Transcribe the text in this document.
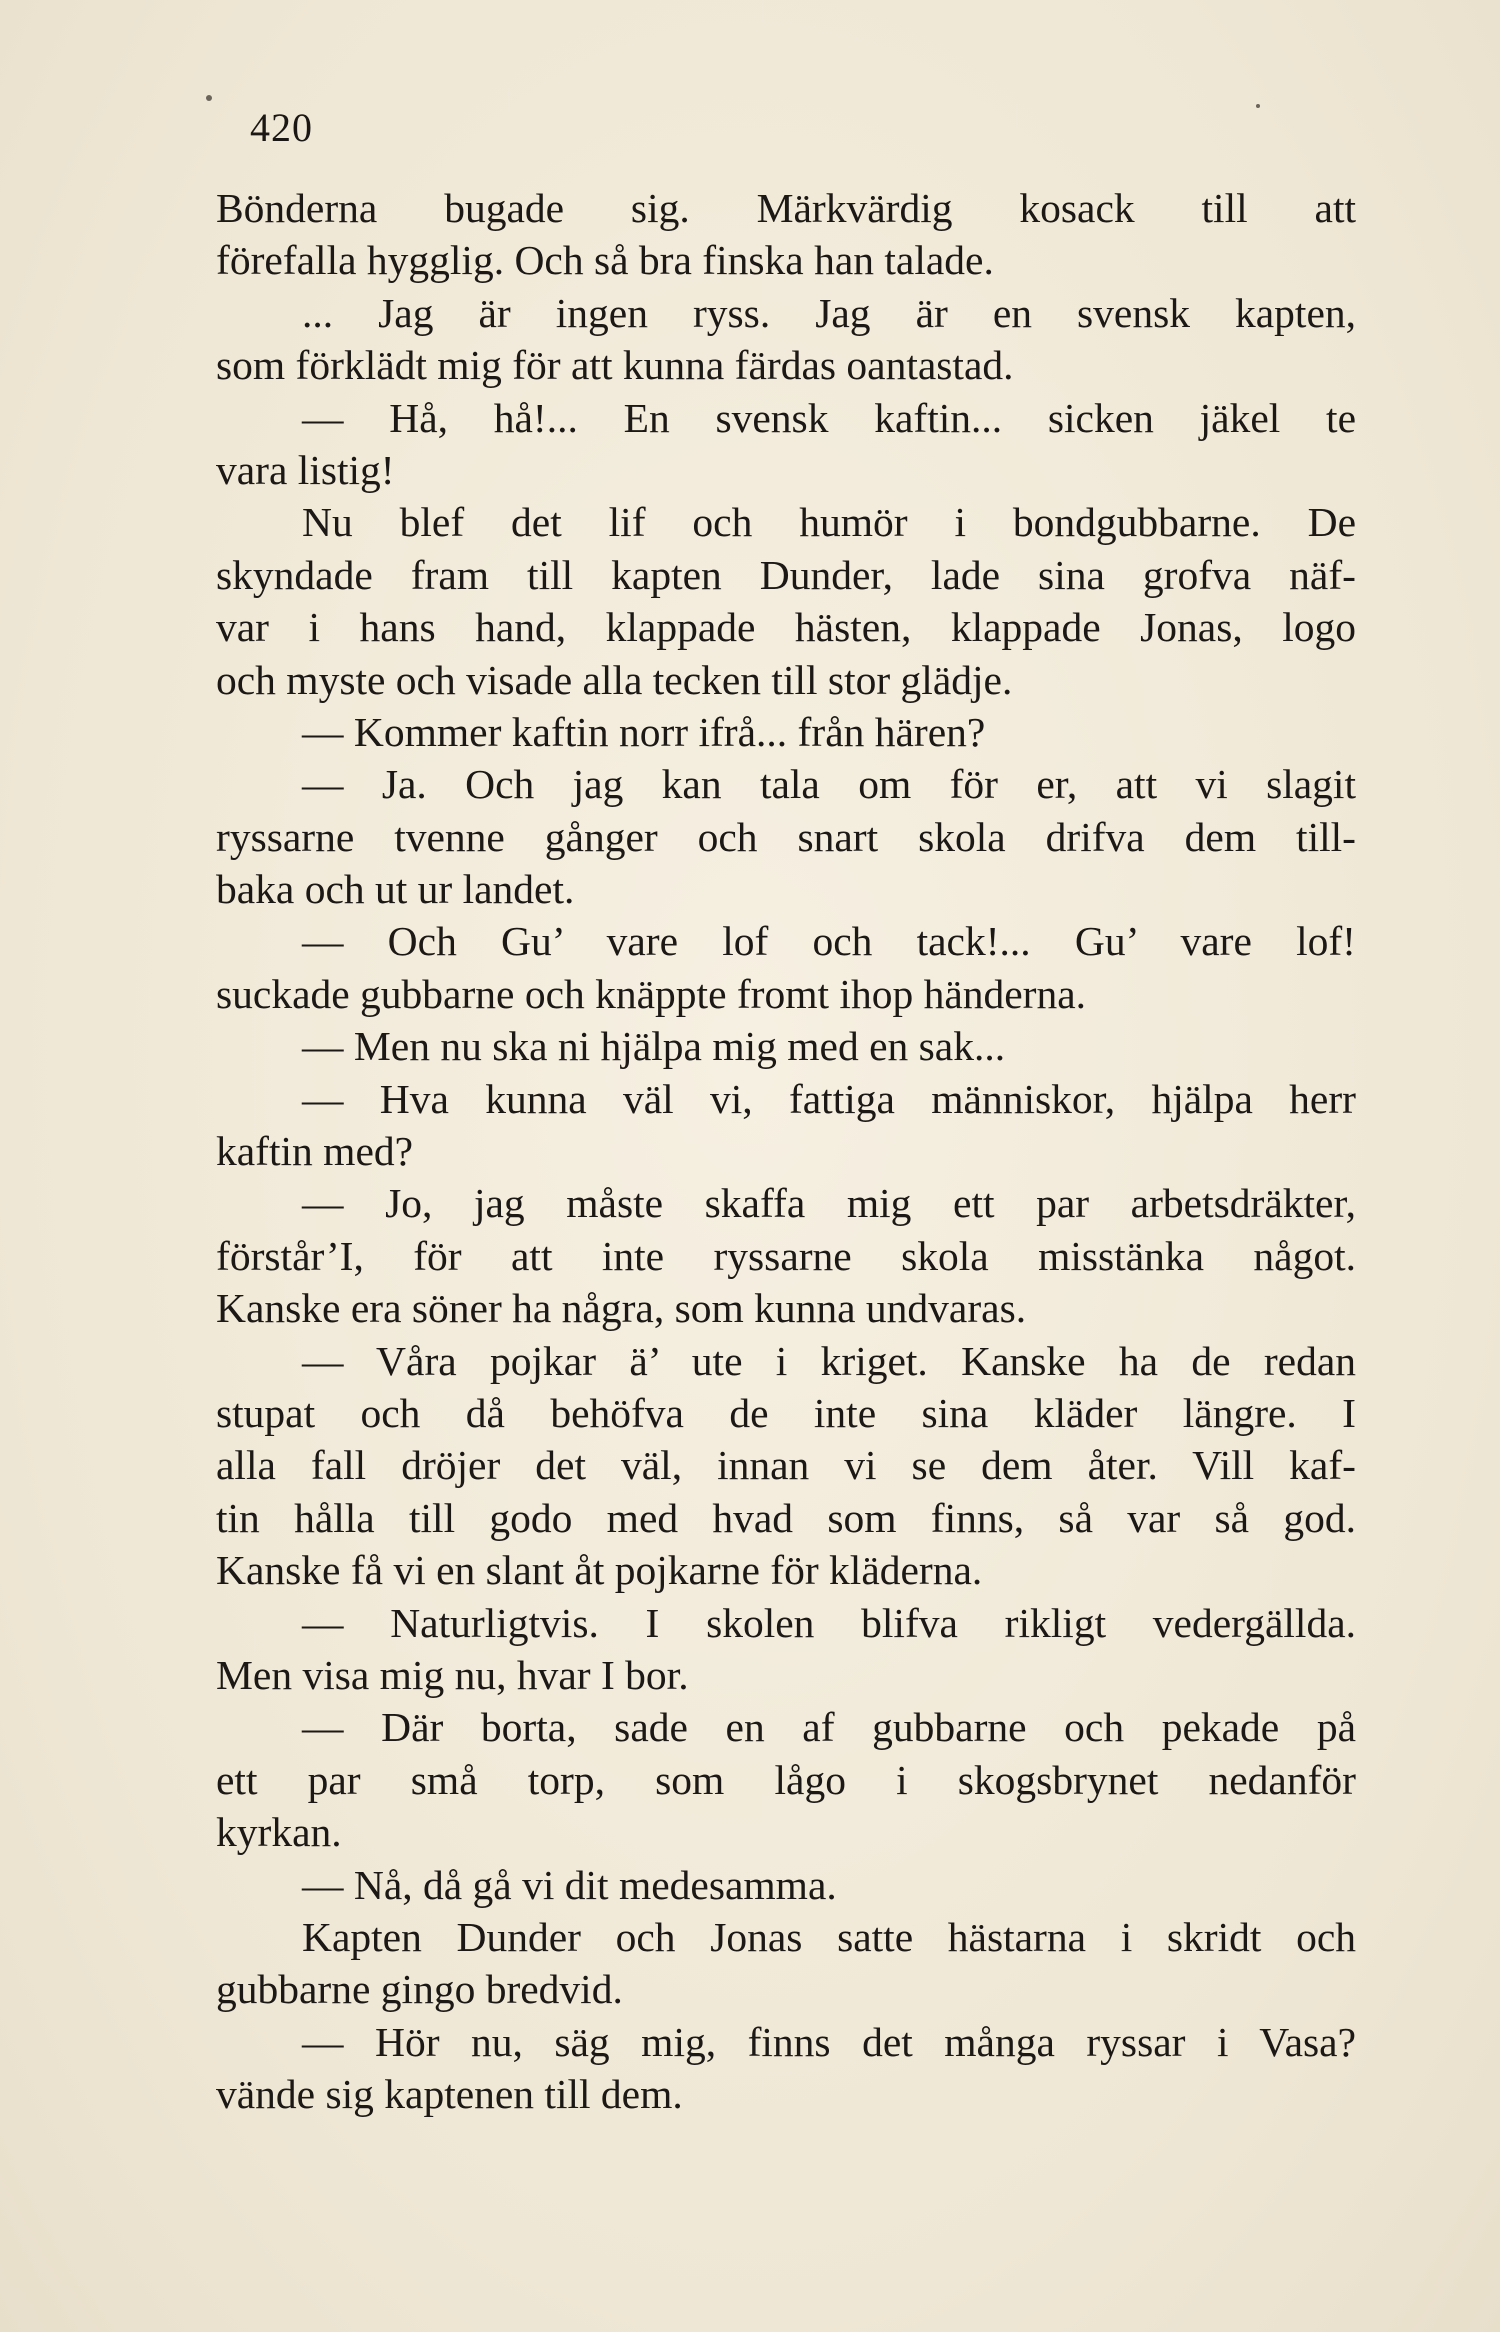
420
Bönderna bugade sig. Märkvärdig kosack till att
förefalla hygglig. Och så bra finska han talade.
... Jag är ingen ryss. Jag är en svensk kapten,
som förklädt mig för att kunna färdas oantastad.
— Hå, hå!... En svensk kaftin... sicken jäkel te
vara listig!
Nu blef det lif och humör i bondgubbarne. De
skyndade fram till kapten Dunder, lade sina grofva näf-
var i hans hand, klappade hästen, klappade Jonas, logo
och myste och visade alla tecken till stor glädje.
— Kommer kaftin norr ifrå... från hären?
— Ja. Och jag kan tala om för er, att vi slagit
ryssarne tvenne gånger och snart skola drifva dem till-
baka och ut ur landet.
— Och Gu’ vare lof och tack!... Gu’ vare lof!
suckade gubbarne och knäppte fromt ihop händerna.
— Men nu ska ni hjälpa mig med en sak...
— Hva kunna väl vi, fattiga människor, hjälpa herr
kaftin med?
— Jo, jag måste skaffa mig ett par arbetsdräkter,
förstår’I, för att inte ryssarne skola misstänka något.
Kanske era söner ha några, som kunna undvaras.
— Våra pojkar ä’ ute i kriget. Kanske ha de redan
stupat och då behöfva de inte sina kläder längre. I
alla fall dröjer det väl, innan vi se dem åter. Vill kaf-
tin hålla till godo med hvad som finns, så var så god.
Kanske få vi en slant åt pojkarne för kläderna.
— Naturligtvis. I skolen blifva rikligt vedergällda.
Men visa mig nu, hvar I bor.
— Där borta, sade en af gubbarne och pekade på
ett par små torp, som lågo i skogsbrynet nedanför
kyrkan.
— Nå, då gå vi dit medesamma.
Kapten Dunder och Jonas satte hästarna i skridt och
gubbarne gingo bredvid.
— Hör nu, säg mig, finns det många ryssar i Vasa?
vände sig kaptenen till dem.
